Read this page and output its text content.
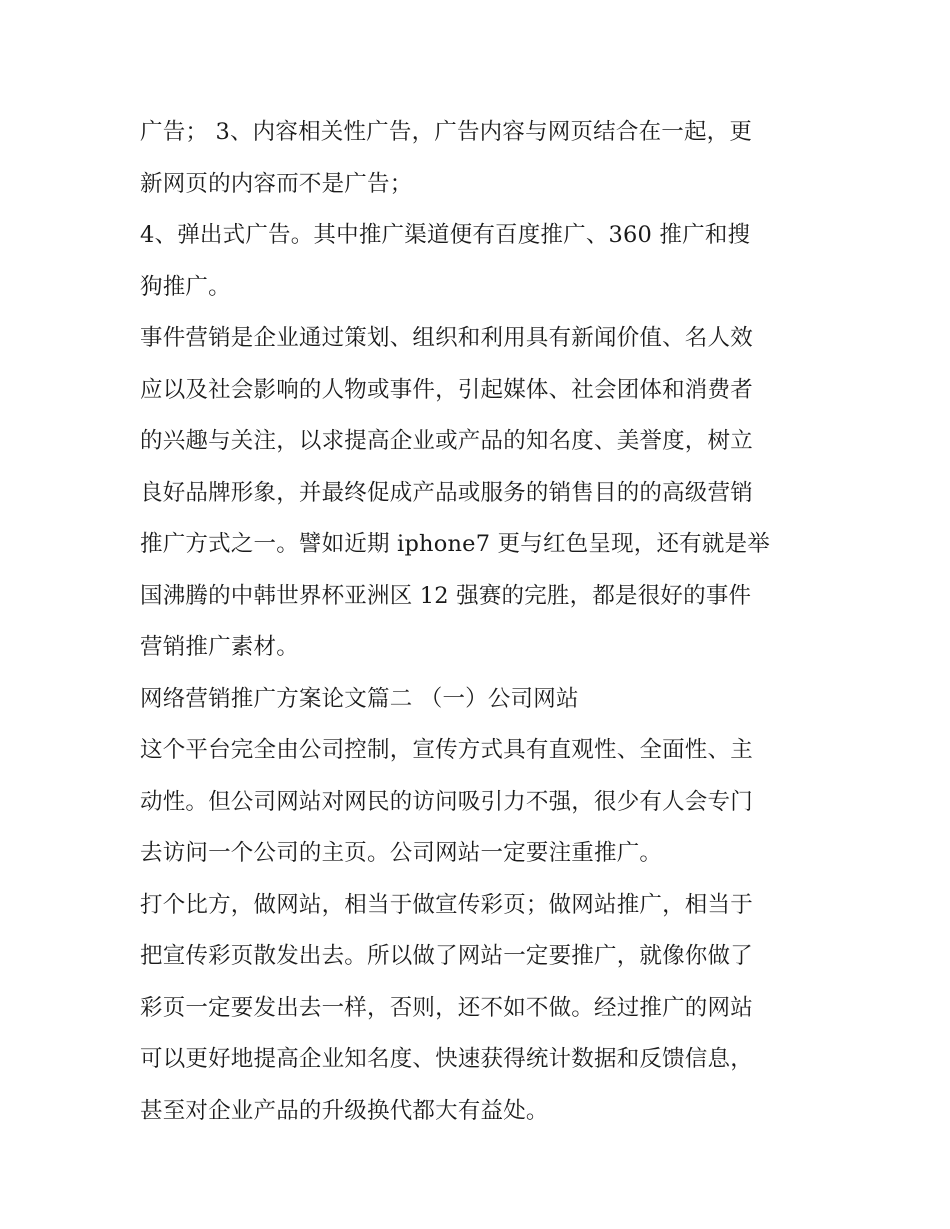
广告； 3、内容相关性广告，广告内容与网页结合在一起，更
新网页的内容而不是广告；
4、弹出式广告。其中推广渠道便有百度推广、360 推广和搜
狗推广。
事件营销是企业通过策划、组织和利用具有新闻价值、名人效
应以及社会影响的人物或事件，引起媒体、社会团体和消费者
的兴趣与关注，以求提高企业或产品的知名度、美誉度，树立
良好品牌形象，并最终促成产品或服务的销售目的的高级营销
推广方式之一。譬如近期 iphone7 更与红色呈现，还有就是举
国沸腾的中韩世界杯亚洲区 12 强赛的完胜，都是很好的事件
营销推广素材。
网络营销推广方案论文篇二 （一）公司网站
这个平台完全由公司控制，宣传方式具有直观性、全面性、主
动性。但公司网站对网民的访问吸引力不强，很少有人会专门
去访问一个公司的主页。公司网站一定要注重推广。
打个比方，做网站，相当于做宣传彩页；做网站推广，相当于
把宣传彩页散发出去。所以做了网站一定要推广，就像你做了
彩页一定要发出去一样，否则，还不如不做。经过推广的网站
可以更好地提高企业知名度、快速获得统计数据和反馈信息，
甚至对企业产品的升级换代都大有益处。
